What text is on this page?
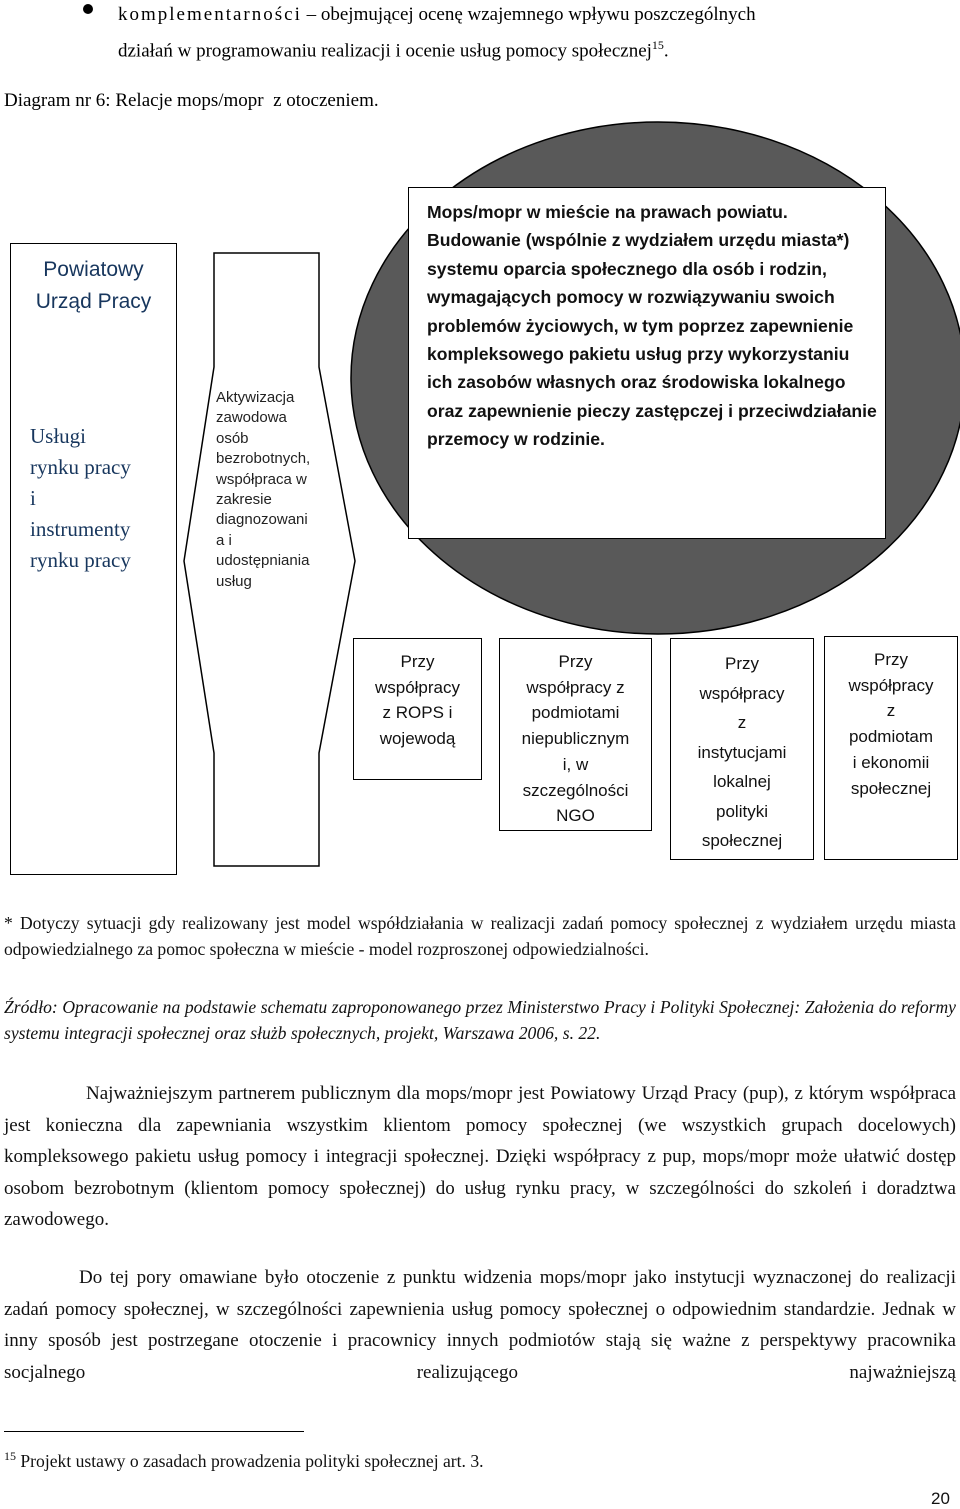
komplementarności – obejmującej ocenę wzajemnego wpływu poszczególnych
działań w programowaniu realizacji i ocenie usług pomocy społecznej$^{15}$.
Diagram nr 6: Relacje mops/mopr  z otoczeniem.
Powiatowy
Urząd Pracy
Usługi
rynku pracy
i
instrumenty
rynku pracy
Aktywizacja
zawodowa
osób
bezrobotnych,
współpraca w
zakresie
diagnozowani
a i
udostępniania
usług
Mops/mopr w mieście na prawach powiatu. Budowanie (wspólnie z wydziałem urzędu miasta*) systemu oparcia społecznego dla osób i rodzin, wymagających pomocy w rozwiązywaniu swoich problemów życiowych, w tym poprzez zapewnienie kompleksowego pakietu usług przy wykorzystaniu ich zasobów własnych oraz środowiska lokalnego oraz zapewnienie pieczy zastępczej i przeciwdziałanie przemocy w rodzinie.
Przy
współpracy
z ROPS i
wojewodą
Przy
współpracy z
podmiotami
niepublicznym
i, w
szczególności
NGO
Przy
współpracy
z
instytucjami
lokalnej
polityki
społecznej
Przy
współpracy
z
podmiotam
i ekonomii
społecznej
* Dotyczy sytuacji gdy realizowany jest model współdziałania w realizacji zadań pomocy społecznej z wydziałem urzędu miasta odpowiedzialnego za pomoc społeczna w mieście - model rozproszonej odpowiedzialności.
Źródło: Opracowanie na podstawie schematu zaproponowanego przez Ministerstwo Pracy i Polityki Społecznej: Założenia do reformy systemu integracji społecznej oraz służb społecznych, projekt, Warszawa 2006, s. 22.
Najważniejszym partnerem publicznym dla mops/mopr jest Powiatowy Urząd Pracy (pup), z którym współpraca jest konieczna dla zapewniania wszystkim klientom pomocy społecznej (we wszystkich grupach docelowych) kompleksowego pakietu usług pomocy i integracji społecznej. Dzięki współpracy z pup, mops/mopr może ułatwić dostęp osobom bezrobotnym (klientom pomocy społecznej) do usług rynku pracy, w szczególności do szkoleń i doradztwa zawodowego.
Do tej pory omawiane było otoczenie z punktu widzenia mops/mopr jako instytucji wyznaczonej do realizacji zadań pomocy społecznej, w szczególności zapewnienia usług pomocy społecznej o odpowiednim standardzie. Jednak w inny sposób jest postrzegane otoczenie i pracownicy innych podmiotów stają się ważne z perspektywy pracownika socjalnego realizującego najważniejszą
$^{15}$ Projekt ustawy o zasadach prowadzenia polityki społecznej art. 3.
20
